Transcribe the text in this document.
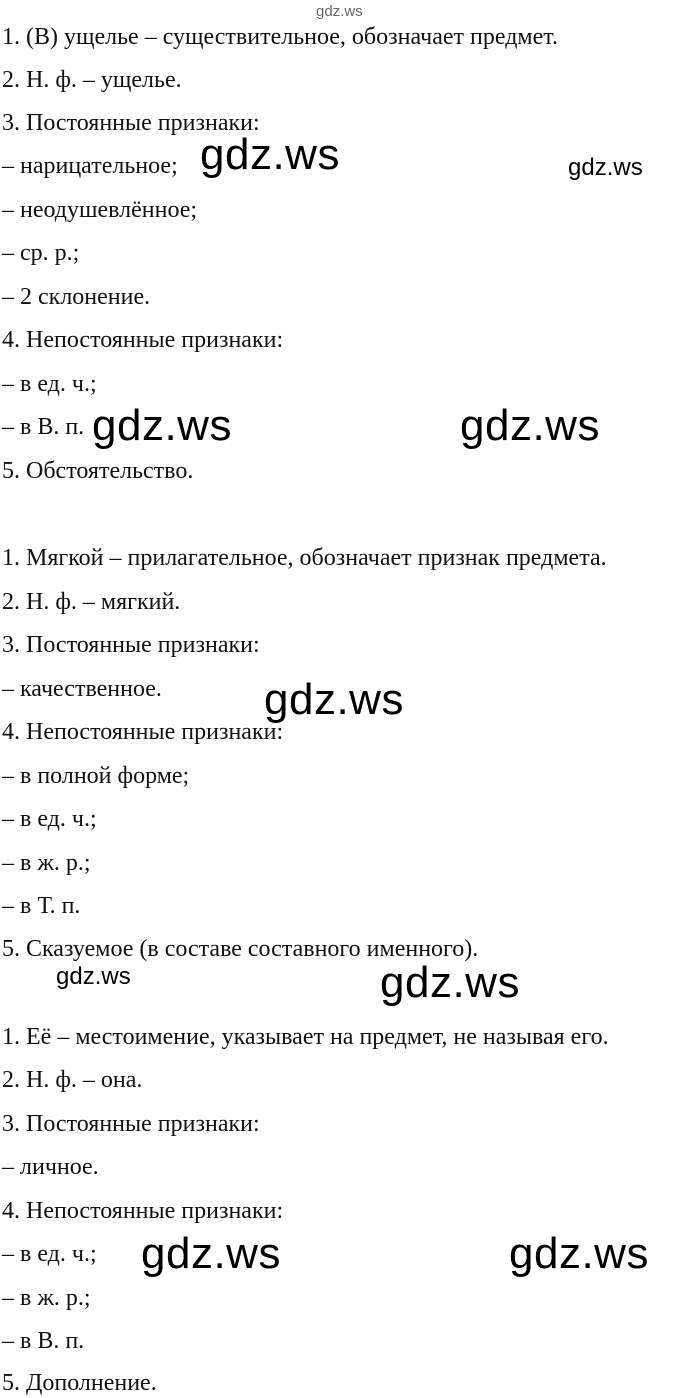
1. (В) ущелье – существительное, обозначает предмет.

2. Н. ф. – ущелье.

3. Постоянные признаки:

– нарицательное;

– неодушевлённое;

– ср. р.;

– 2 склонение.

4. Непостоянные признаки:

– в ед. ч.;

– в В. п.

5. Обстоятельство.

1. Мягкой – прилагательное, обозначает признак предмета.

2. Н. ф. – мягкий.

3. Постоянные признаки:

– качественное.

4. Непостоянные признаки:

– в полной форме;

– в ед. ч.;

– в ж. р.;

– в Т. п.

5. Сказуемое (в составе составного именного).

1. Её – местоимение, указывает на предмет, не называя его.

2. Н. ф. – она.

3. Постоянные признаки:

– личное.

4. Непостоянные признаки:

– в ед. ч.;

– в ж. р.;

– в В. п.

5. Дополнение.

gdz.ws
gdz.ws	gdz.ws
gdz.ws	gdz.ws
gdz.ws
gdz.ws	gdz.ws
gdz.ws	gdz.ws
